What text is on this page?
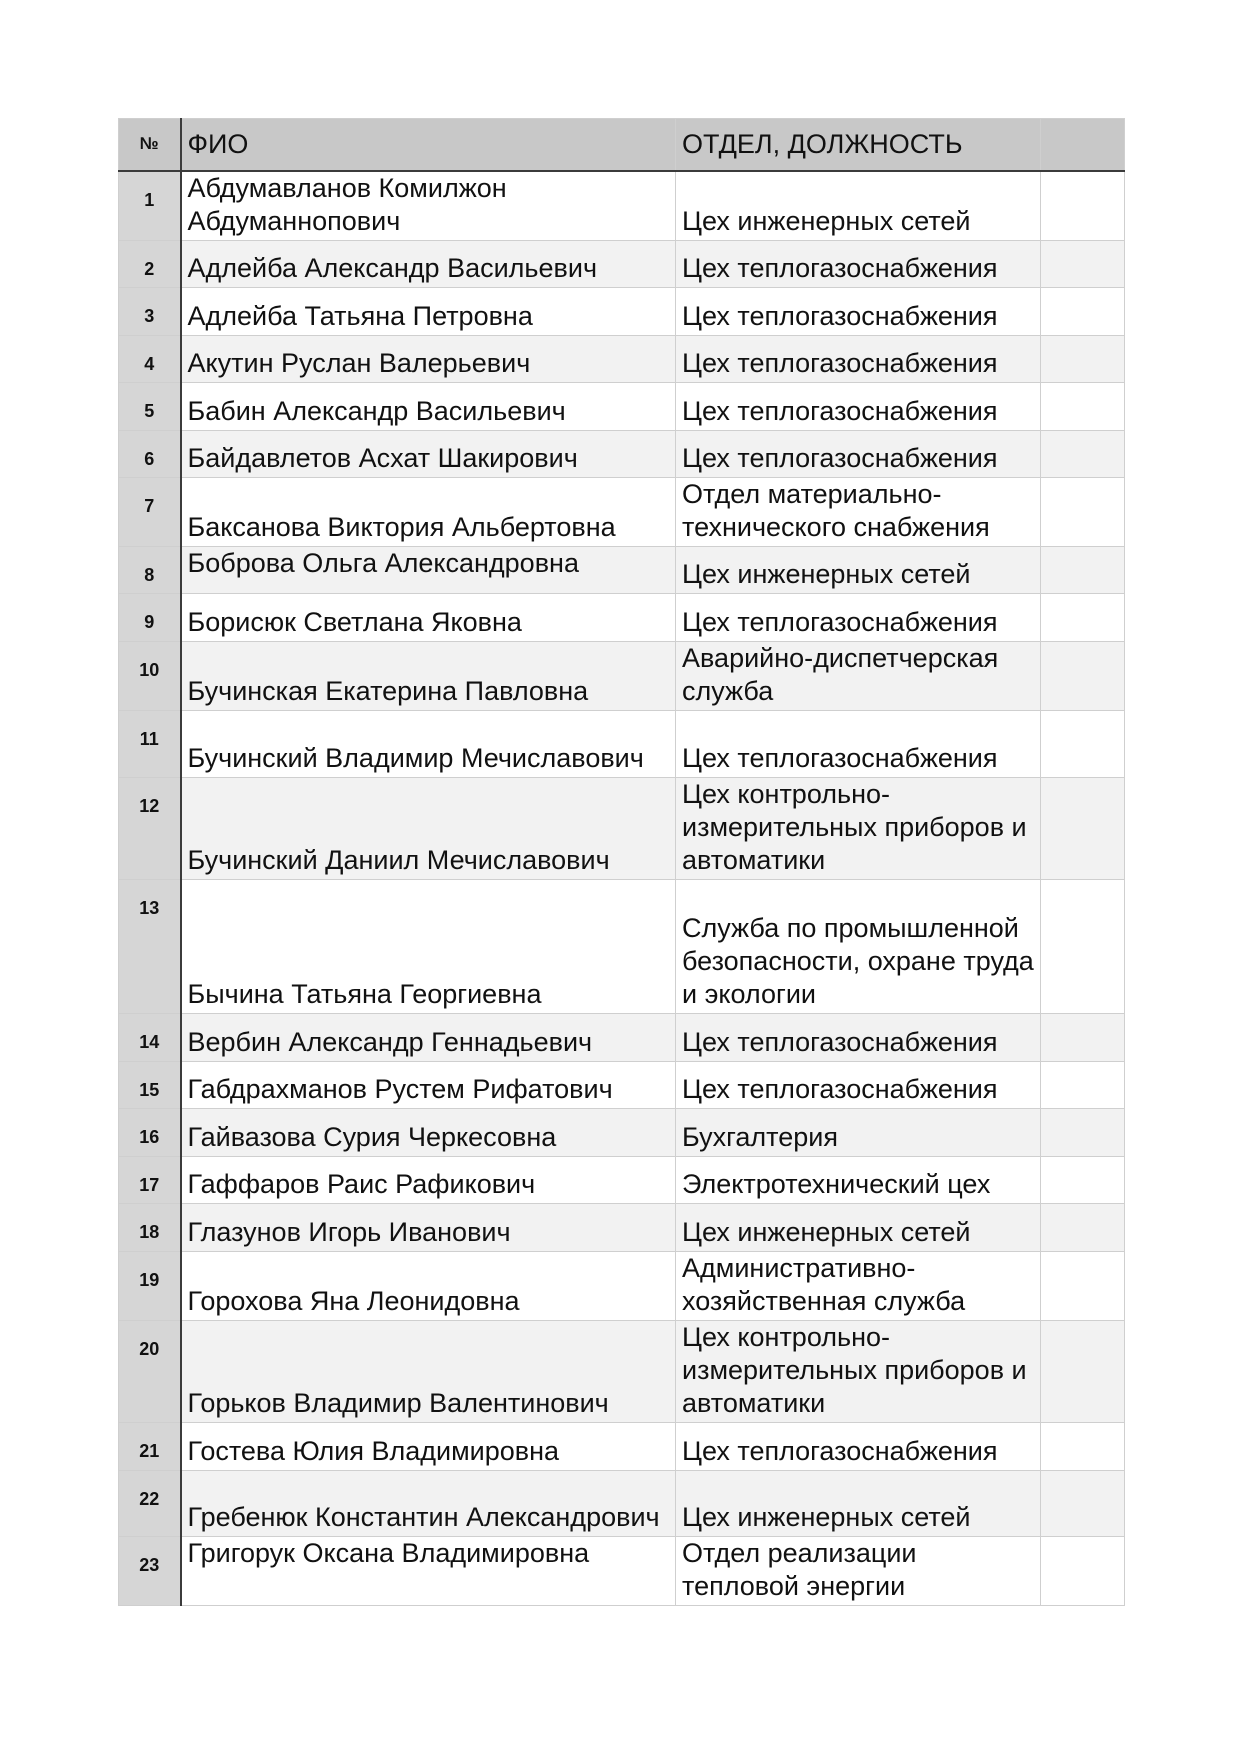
№	ФИО	ОТДЕЛ, ДОЛЖНОСТЬ	
1	Абдумавланов Комилжон Абдуманнопович	Цех инженерных сетей	
2	Адлейба Александр Васильевич	Цех теплогазоснабжения	
3	Адлейба Татьяна Петровна	Цех теплогазоснабжения	
4	Акутин Руслан Валерьевич	Цех теплогазоснабжения	
5	Бабин Александр Васильевич	Цех теплогазоснабжения	
6	Байдавлетов Асхат Шакирович	Цех теплогазоснабжения	
7	Баксанова Виктория Альбертовна	Отдел материально-технического снабжения	
8	Боброва Ольга Александровна	Цех инженерных сетей	
9	Борисюк Светлана Яковна	Цех теплогазоснабжения	
10	Бучинская Екатерина Павловна	Аварийно-диспетчерская служба	
11	Бучинский Владимир Мечиславович	Цех теплогазоснабжения	
12	Бучинский Даниил Мечиславович	Цех контрольно-измерительных приборов и автоматики	
13	Бычина Татьяна Георгиевна	Служба по промышленной безопасности, охране труда и экологии	
14	Вербин Александр Геннадьевич	Цех теплогазоснабжения	
15	Габдрахманов Рустем Рифатович	Цех теплогазоснабжения	
16	Гайвазова Сурия Черкесовна	Бухгалтерия	
17	Гаффаров Раис Рафикович	Электротехнический цех	
18	Глазунов Игорь Иванович	Цех инженерных сетей	
19	Горохова Яна Леонидовна	Административно-хозяйственная служба	
20	Горьков Владимир Валентинович	Цех контрольно-измерительных приборов и автоматики	
21	Гостева Юлия Владимировна	Цех теплогазоснабжения	
22	Гребенюк Константин Александрович	Цех инженерных сетей	
23	Григорук Оксана Владимировна	Отдел реализации тепловой энергии	
